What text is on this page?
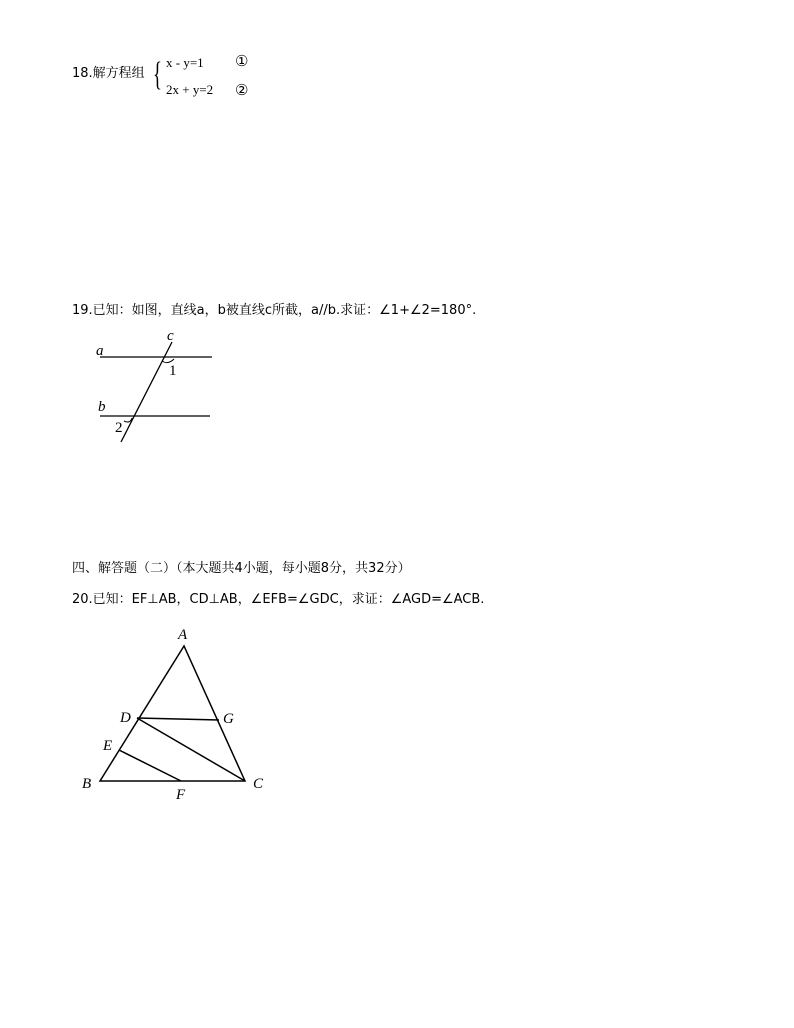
18.解方程组 { x - y=1 ①
2x + y=2 ②
19.已知：如图，直线a，b被直线c所截，a//b.求证：∠1+∠2=180°.
a
b
c
1
2
四、解答题（二）（本大题共4小题，每小题8分，共32分）
20.已知：EF⊥AB，CD⊥AB，∠EFB=∠GDC，求证：∠AGD=∠ACB.
A
D	G
E
B
F
C
